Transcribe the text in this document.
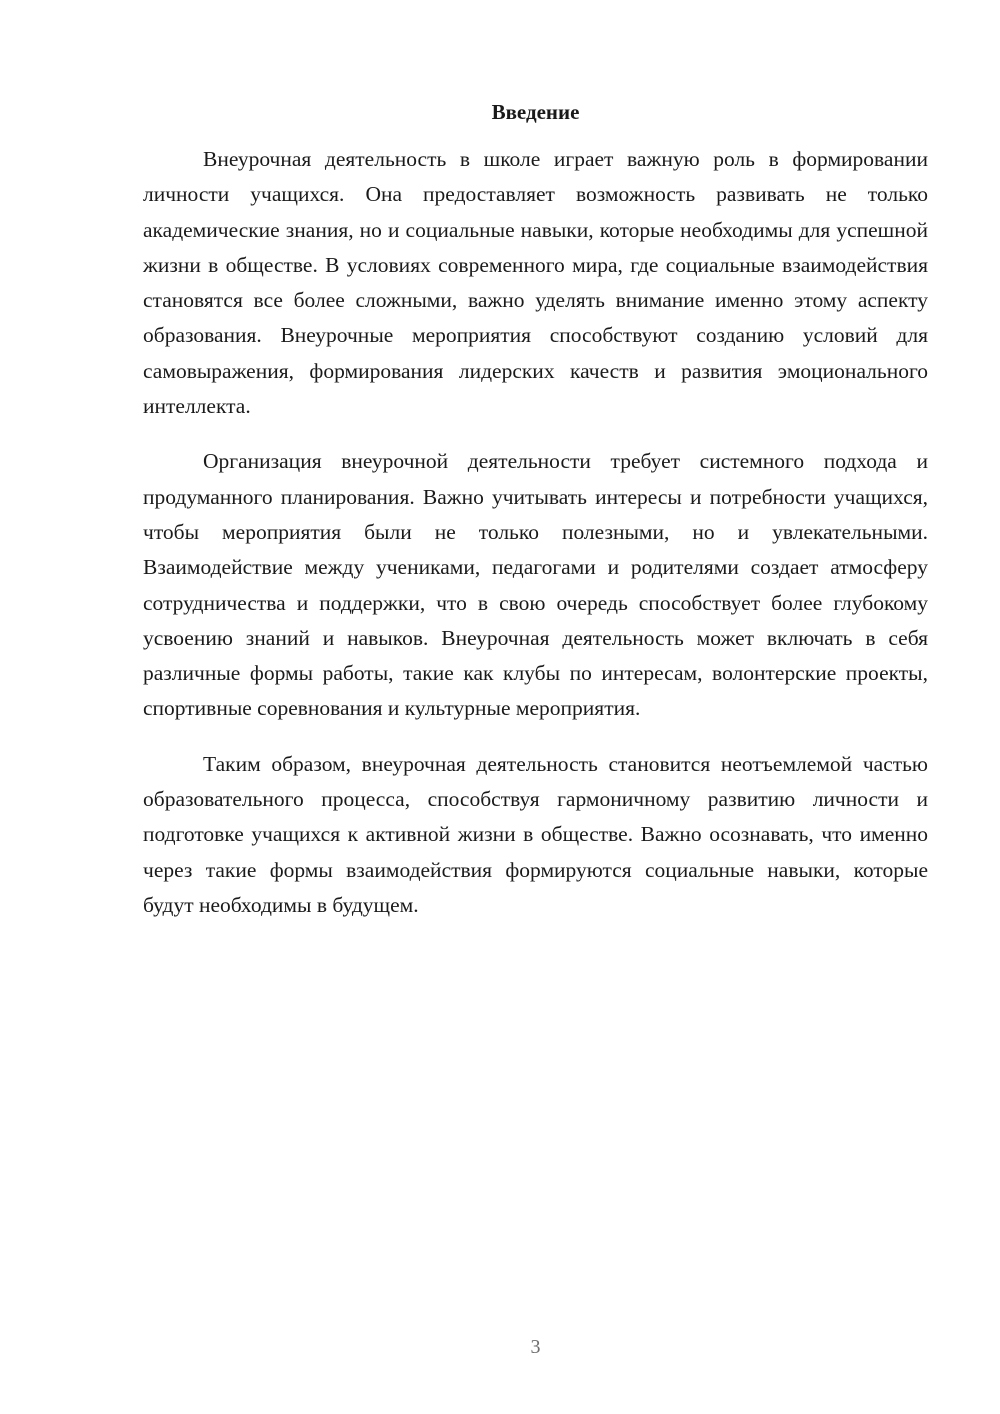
Введение

Внеурочная деятельность в школе играет важную роль в формировании личности учащихся. Она предоставляет возможность развивать не только академические знания, но и социальные навыки, которые необходимы для успешной жизни в обществе. В условиях современного мира, где социальные взаимодействия становятся все более сложными, важно уделять внимание именно этому аспекту образования. Внеурочные мероприятия способствуют созданию условий для самовыражения, формирования лидерских качеств и развития эмоционального интеллекта.

Организация внеурочной деятельности требует системного подхода и продуманного планирования. Важно учитывать интересы и потребности учащихся, чтобы мероприятия были не только полезными, но и увлекательными. Взаимодействие между учениками, педагогами и родителями создает атмосферу сотрудничества и поддержки, что в свою очередь способствует более глубокому усвоению знаний и навыков. Внеурочная деятельность может включать в себя различные формы работы, такие как клубы по интересам, волонтерские проекты, спортивные соревнования и культурные мероприятия.

Таким образом, внеурочная деятельность становится неотъемлемой частью образовательного процесса, способствуя гармоничному развитию личности и подготовке учащихся к активной жизни в обществе. Важно осознавать, что именно через такие формы взаимодействия формируются социальные навыки, которые будут необходимы в будущем.

3
